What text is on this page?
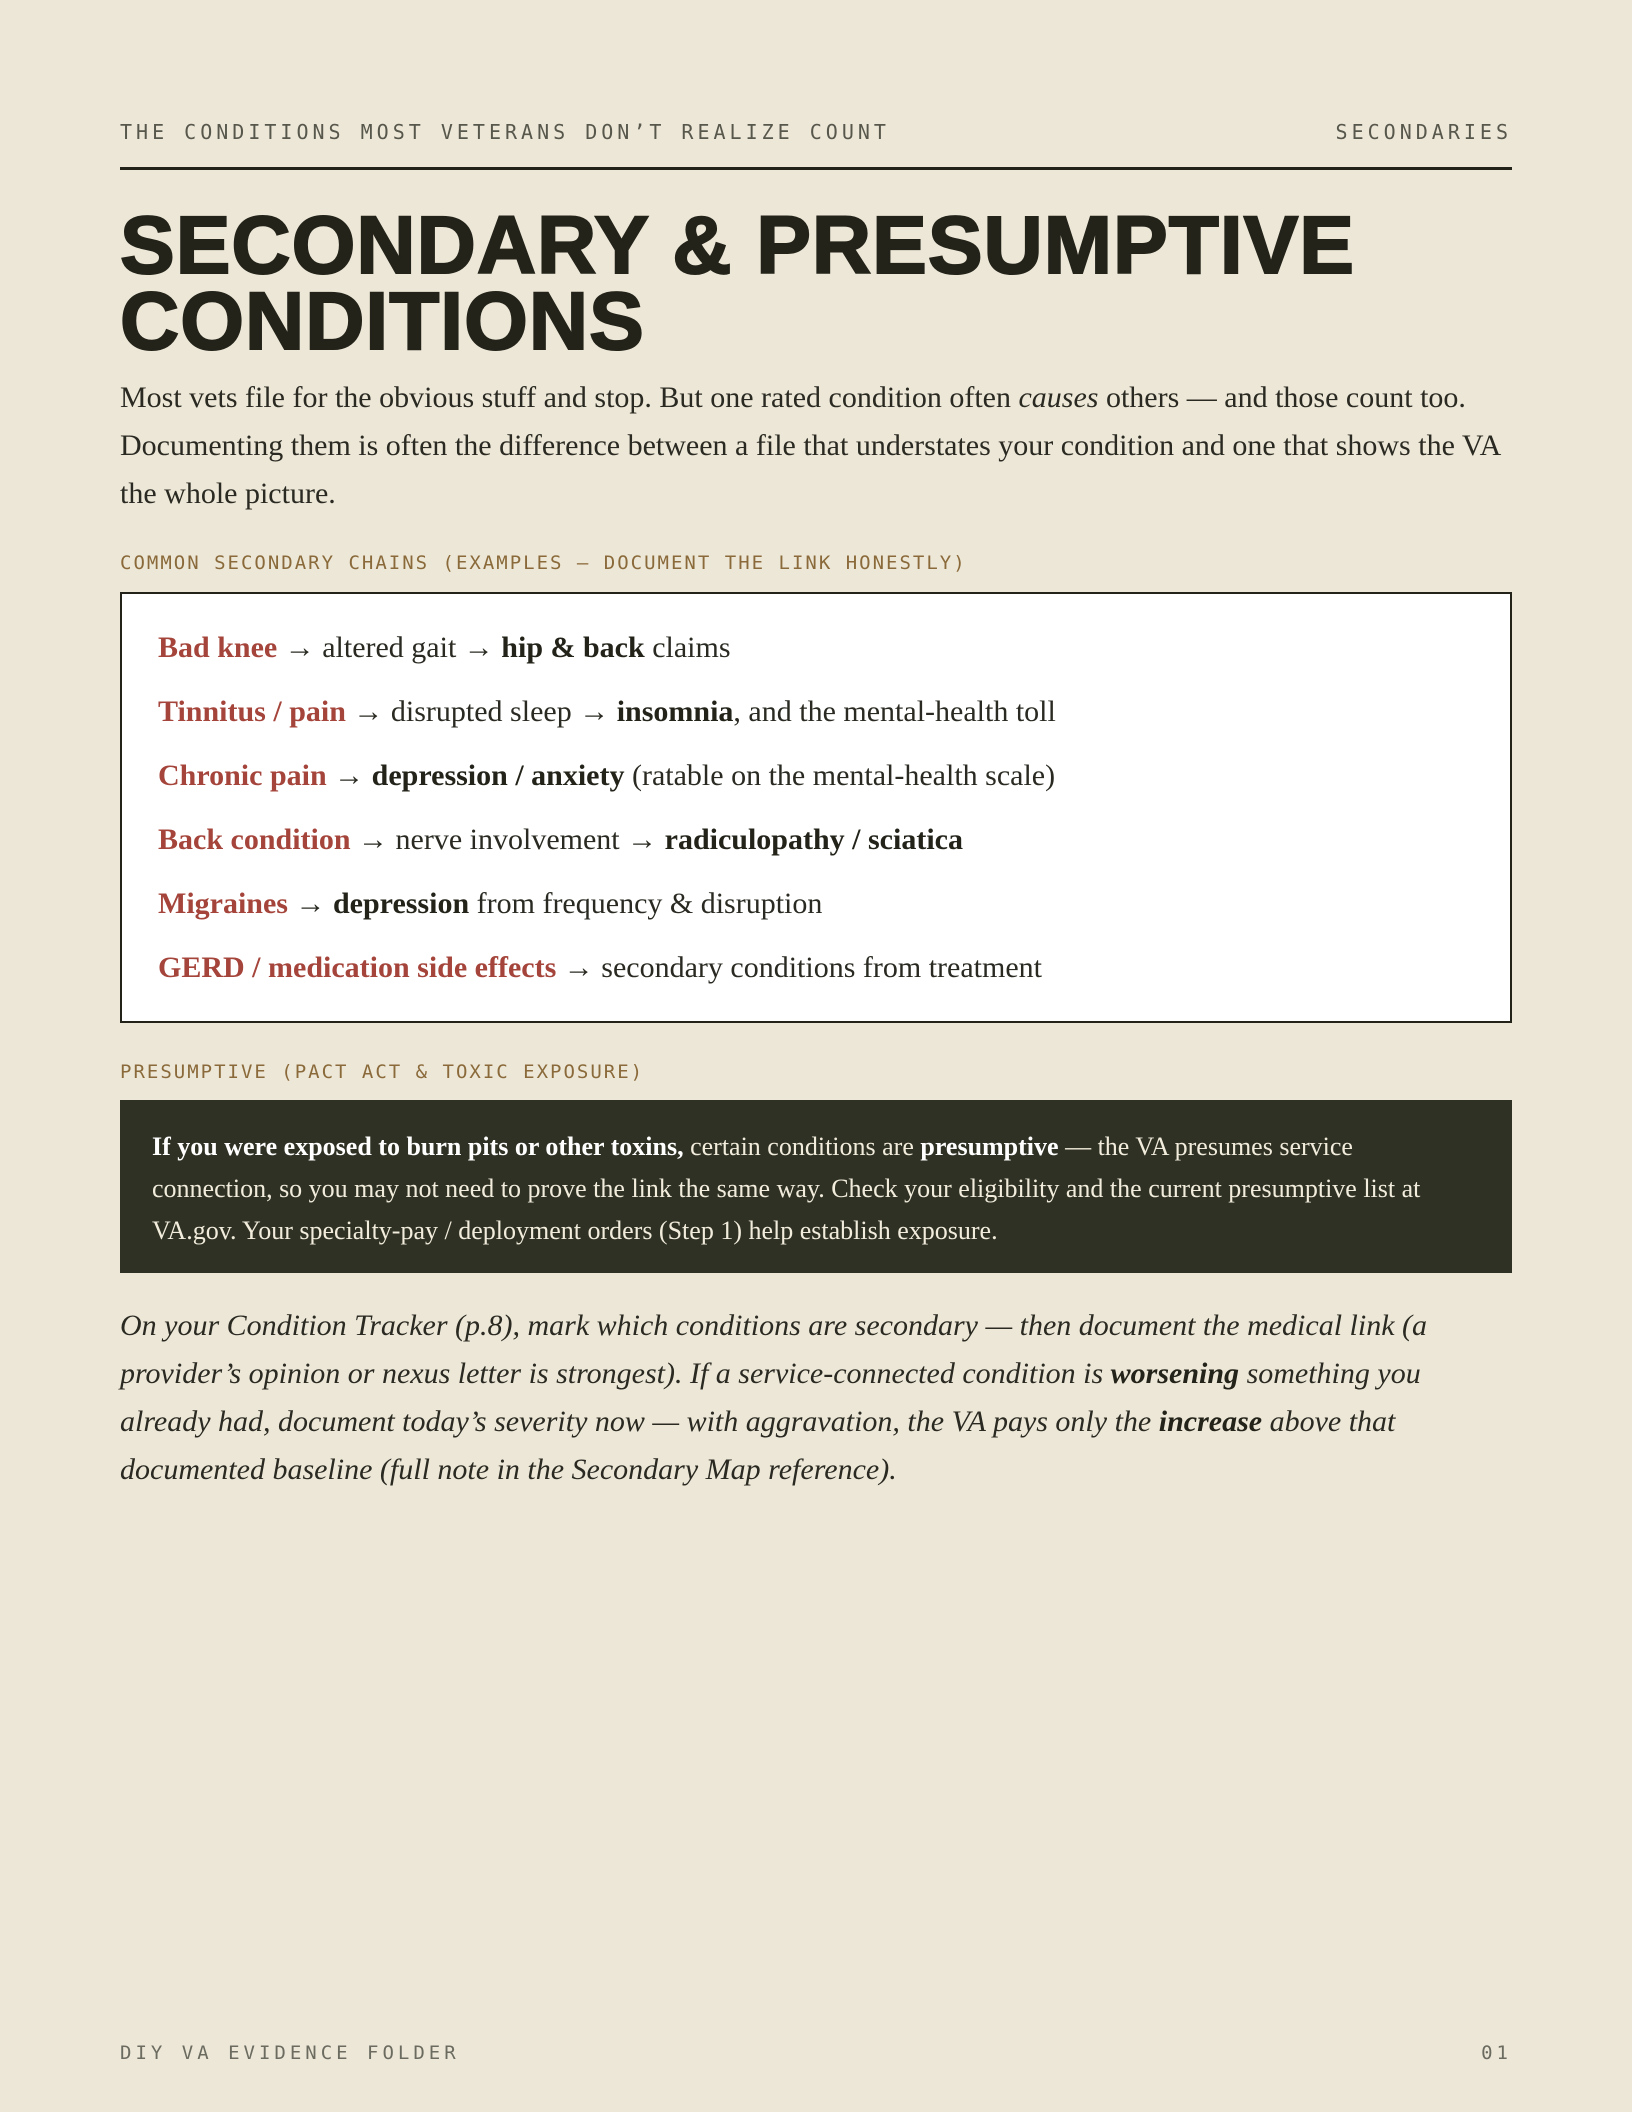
THE CONDITIONS MOST VETERANS DON’T REALIZE COUNT	SECONDARIES
SECONDARY & PRESUMPTIVE
CONDITIONS

Most vets file for the obvious stuff and stop. But one rated condition often causes others — and those count too. Documenting them is often the difference between a file that understates your condition and one that shows the VA the whole picture.

COMMON SECONDARY CHAINS (EXAMPLES — DOCUMENT THE LINK HONESTLY)
Bad knee → altered gait → hip & back claims
Tinnitus / pain → disrupted sleep → insomnia, and the mental-health toll
Chronic pain → depression / anxiety (ratable on the mental-health scale)
Back condition → nerve involvement → radiculopathy / sciatica
Migraines → depression from frequency & disruption
GERD / medication side effects → secondary conditions from treatment
PRESUMPTIVE (PACT ACT & TOXIC EXPOSURE)
If you were exposed to burn pits or other toxins, certain conditions are presumptive — the VA presumes service connection, so you may not need to prove the link the same way. Check your eligibility and the current presumptive list at VA.gov. Your specialty-pay / deployment orders (Step 1) help establish exposure.

On your Condition Tracker (p.8), mark which conditions are secondary — then document the medical link (a provider’s opinion or nexus letter is strongest). If a service-connected condition is worsening something you already had, document today’s severity now — with aggravation, the VA pays only the increase above that documented baseline (full note in the Secondary Map reference).

DIY VA EVIDENCE FOLDER	01
